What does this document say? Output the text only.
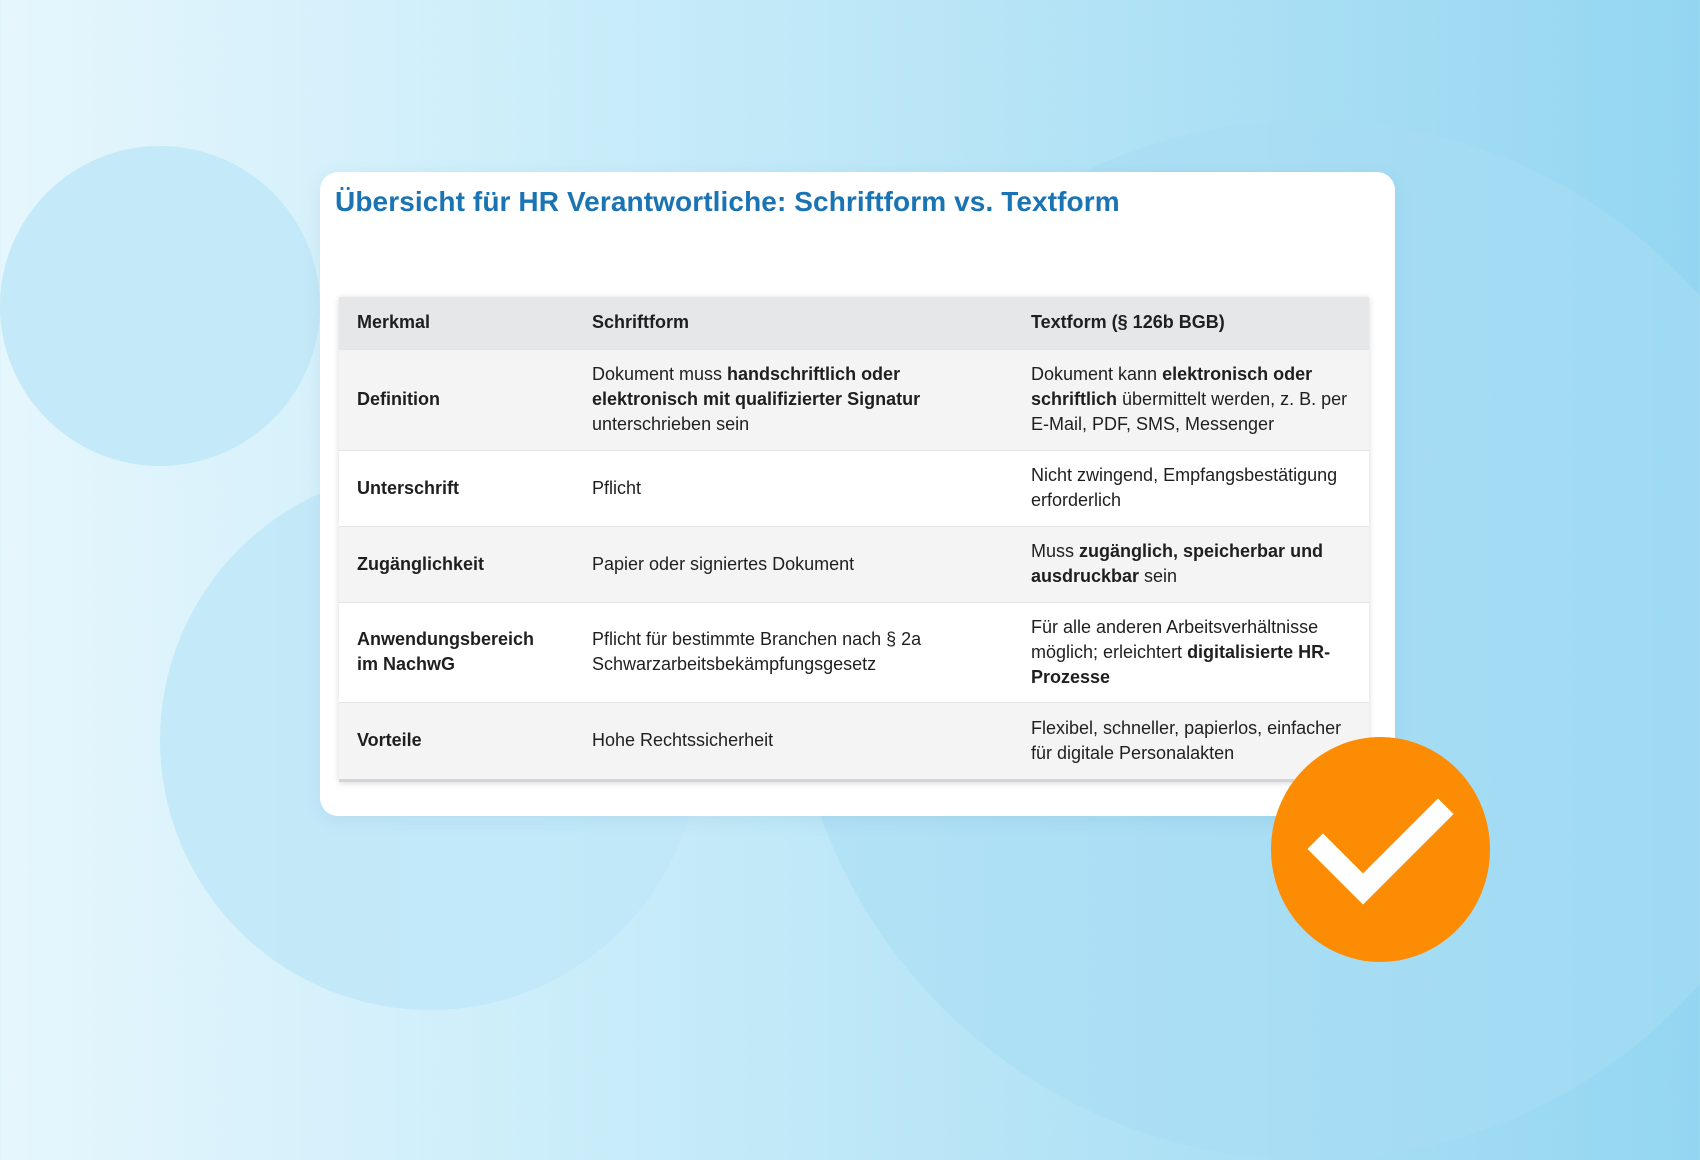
Übersicht für HR Verantwortliche: Schriftform vs. Textform
Merkmal	Schriftform	Textform (§ 126b BGB)
Definition	Dokument muss handschriftlich oder elektronisch mit qualifizierter Signatur unterschrieben sein	Dokument kann elektronisch oder schriftlich übermittelt werden, z. B. per E-Mail, PDF, SMS, Messenger
Unterschrift	Pflicht	Nicht zwingend, Empfangsbestätigung erforderlich
Zugänglichkeit	Papier oder signiertes Dokument	Muss zugänglich, speicherbar und ausdruckbar sein
Anwendungsbereich im NachwG	Pflicht für bestimmte Branchen nach § 2a Schwarzarbeitsbekämpfungsgesetz	Für alle anderen Arbeitsverhältnisse möglich; erleichtert digitalisierte HR-Prozesse
Vorteile	Hohe Rechtssicherheit	Flexibel, schneller, papierlos, einfacher für digitale Personalakten
